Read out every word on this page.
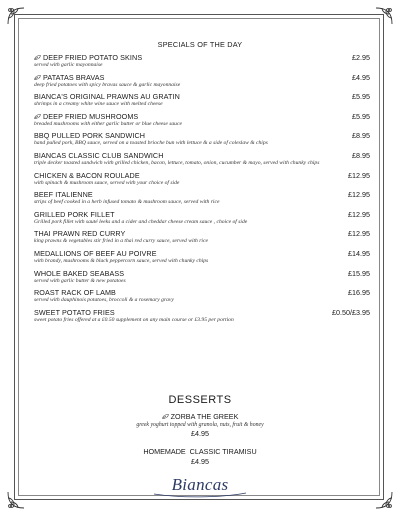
SPECIALS OF THE DAY
DEEP FRIED POTATO SKINS	£2.95
served with garlic mayonnaise
PATATAS BRAVAS	£4.95
deep fried potatoes with spicy bravas sauce & garlic mayonnaise
BIANCA'S ORIGINAL PRAWNS AU GRATIN	£5.95
shrimps in a creamy white wine sauce with melted cheese
DEEP FRIED MUSHROOMS	£5.95
breaded mushrooms with either garlic butter or blue cheese sauce
BBQ PULLED PORK SANDWICH	£8.95
hand pulled pork, BBQ sauce, served on a toasted brioche bun with lettuce & a side of coleslaw & chips
BIANCAS CLASSIC CLUB SANDWICH	£8.95
triple decker toasted sandwich with grilled chicken, bacon, lettuce, tomato, onion, cucumber & mayo, served with chunky chips
CHICKEN & BACON ROULADE	£12.95
with spinach & mushroom sauce, served with your choice of side
BEEF ITALIENNE	£12.95
strips of beef cooked in a herb infused tomato & mushroom sauce, served with rice
GRILLED PORK FILLET	£12.95
Grilled pork fillet with sauté leeks and a cider and cheddar cheese cream sauce , choice of side
THAI PRAWN RED CURRY	£12.95
king prawns & vegetables stir fried in a thai red curry sauce, served with rice
MEDALLIONS OF BEEF AU POIVRE	£14.95
with brandy, mushrooms & black peppercorn sauce, served with chunky chips
WHOLE BAKED SEABASS	£15.95
served with garlic butter & new potatoes
ROAST RACK OF LAMB	£16.95
served with dauphinois potatoes, broccoli & a rosemary gravy
SWEET POTATO FRIES	£0.50/£3.95
sweet potato fries offered at a £0.50 supplement on any main course or £3.95 per portion
DESSERTS
ZORBA THE GREEK
greek yoghurt topped with granola, nuts, fruit & honey
£4.95
HOMEMADE  CLASSIC TIRAMISU
£4.95
Biancas
